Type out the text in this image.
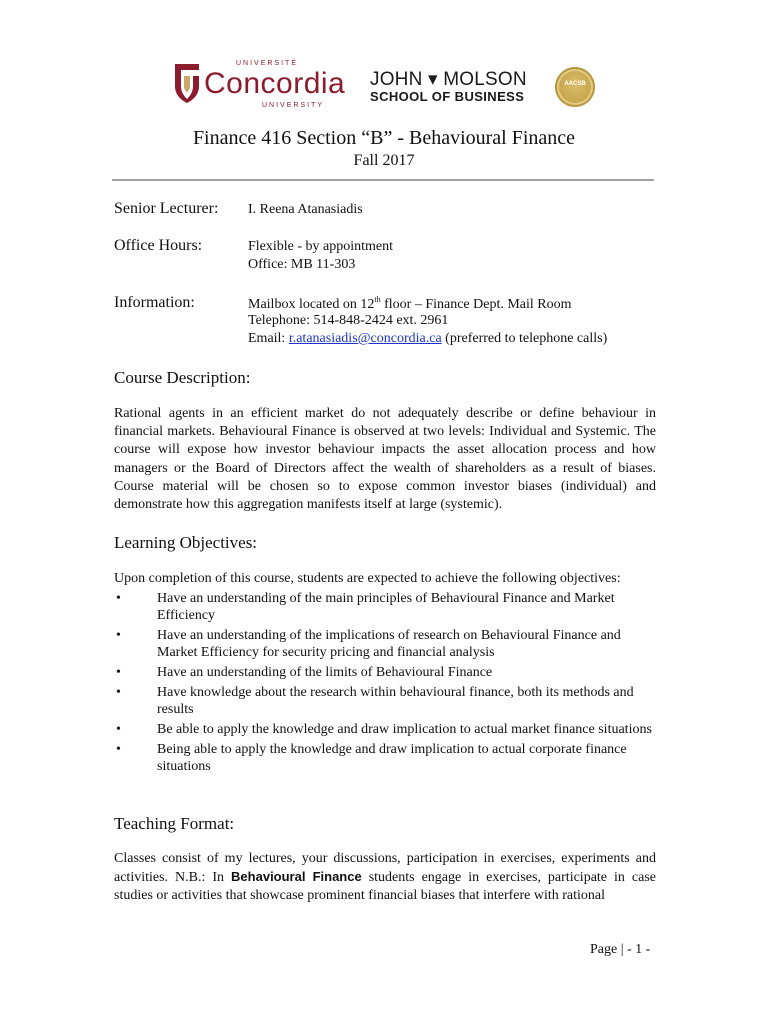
UNIVERSITÉ
Concordia
UNIVERSITY
JOHN ▾ MOLSON
SCHOOL OF BUSINESS
AACSB
Finance 416 Section “B” - Behavioural Finance
Fall 2017
Senior Lecturer: I. Reena Atanasiadis
Office Hours:	Flexible - by appointment
Office: MB 11-303
Information:	Mailbox located on 12th floor – Finance Dept. Mail Room
Telephone: 514-848-2424 ext. 2961
Email: r.atanasiadis@concordia.ca (preferred to telephone calls)
Course Description:
Rational agents in an efficient market do not adequately describe or define behaviour in financial markets. Behavioural Finance is observed at two levels: Individual and Systemic. The course will expose how investor behaviour impacts the asset allocation process and how managers or the Board of Directors affect the wealth of shareholders as a result of biases. Course material will be chosen so to expose common investor biases (individual) and demonstrate how this aggregation manifests itself at large (systemic).
Learning Objectives:
Upon completion of this course, students are expected to achieve the following objectives:
•	Have an understanding of the main principles of Behavioural Finance and Market Efficiency
•	Have an understanding of the implications of research on Behavioural Finance and Market Efficiency for security pricing and financial analysis
•	Have an understanding of the limits of Behavioural Finance
•	Have knowledge about the research within behavioural finance, both its methods and results
•	Be able to apply the knowledge and draw implication to actual market finance situations
•	Being able to apply the knowledge and draw implication to actual corporate finance situations
Teaching Format:
Classes consist of my lectures, your discussions, participation in exercises, experiments and activities. N.B.: In Behavioural Finance students engage in exercises, participate in case studies or activities that showcase prominent financial biases that interfere with rational
Page | - 1 -
